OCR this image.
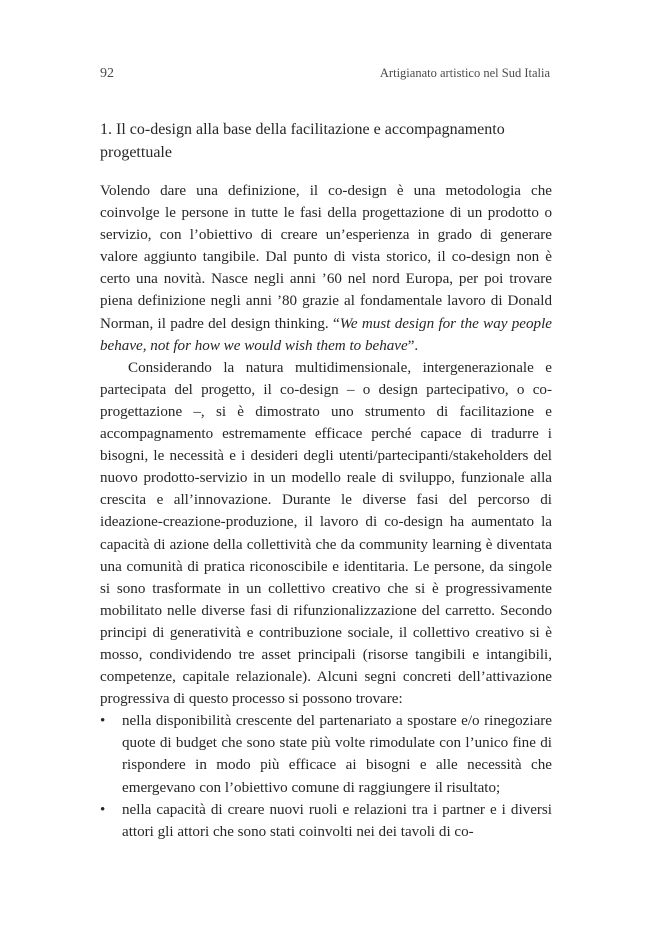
92	Artigianato artistico nel Sud Italia
1. Il co-design alla base della facilitazione e accompagnamento progettuale

Volendo dare una definizione, il co-design è una metodologia che coinvolge le persone in tutte le fasi della progettazione di un prodotto o servizio, con l’obiettivo di creare un’esperienza in grado di generare valore aggiunto tangibile. Dal punto di vista storico, il co-design non è certo una novità. Nasce negli anni ’60 nel nord Europa, per poi trovare piena definizione negli anni ’80 grazie al fondamentale lavoro di Donald Norman, il padre del design thinking. “We must design for the way people behave, not for how we would wish them to behave”.

Considerando la natura multidimensionale, intergenerazionale e partecipata del progetto, il co-design – o design partecipativo, o co-progettazione –, si è dimostrato uno strumento di facilitazione e accompagnamento estremamente efficace perché capace di tradurre i bisogni, le necessità e i desideri degli utenti/partecipanti/stakeholders del nuovo prodotto-servizio in un modello reale di sviluppo, funzionale alla crescita e all’innovazione. Durante le diverse fasi del percorso di ideazione-creazione-produzione, il lavoro di co-design ha aumentato la capacità di azione della collettività che da community learning è diventata una comunità di pratica riconoscibile e identitaria. Le persone, da singole si sono trasformate in un collettivo creativo che si è progressivamente mobilitato nelle diverse fasi di rifunzionalizzazione del carretto. Secondo principi di generatività e contribuzione sociale, il collettivo creativo si è mosso, condividendo tre asset principali (risorse tangibili e intangibili, competenze, capitale relazionale). Alcuni segni concreti dell’attivazione progressiva di questo processo si possono trovare:

• nella disponibilità crescente del partenariato a spostare e/o rinegoziare quote di budget che sono state più volte rimodulate con l’unico fine di rispondere in modo più efficace ai bisogni e alle necessità che emergevano con l’obiettivo comune di raggiungere il risultato;
• nella capacità di creare nuovi ruoli e relazioni tra i partner e i diversi attori gli attori che sono stati coinvolti nei dei tavoli di co-
